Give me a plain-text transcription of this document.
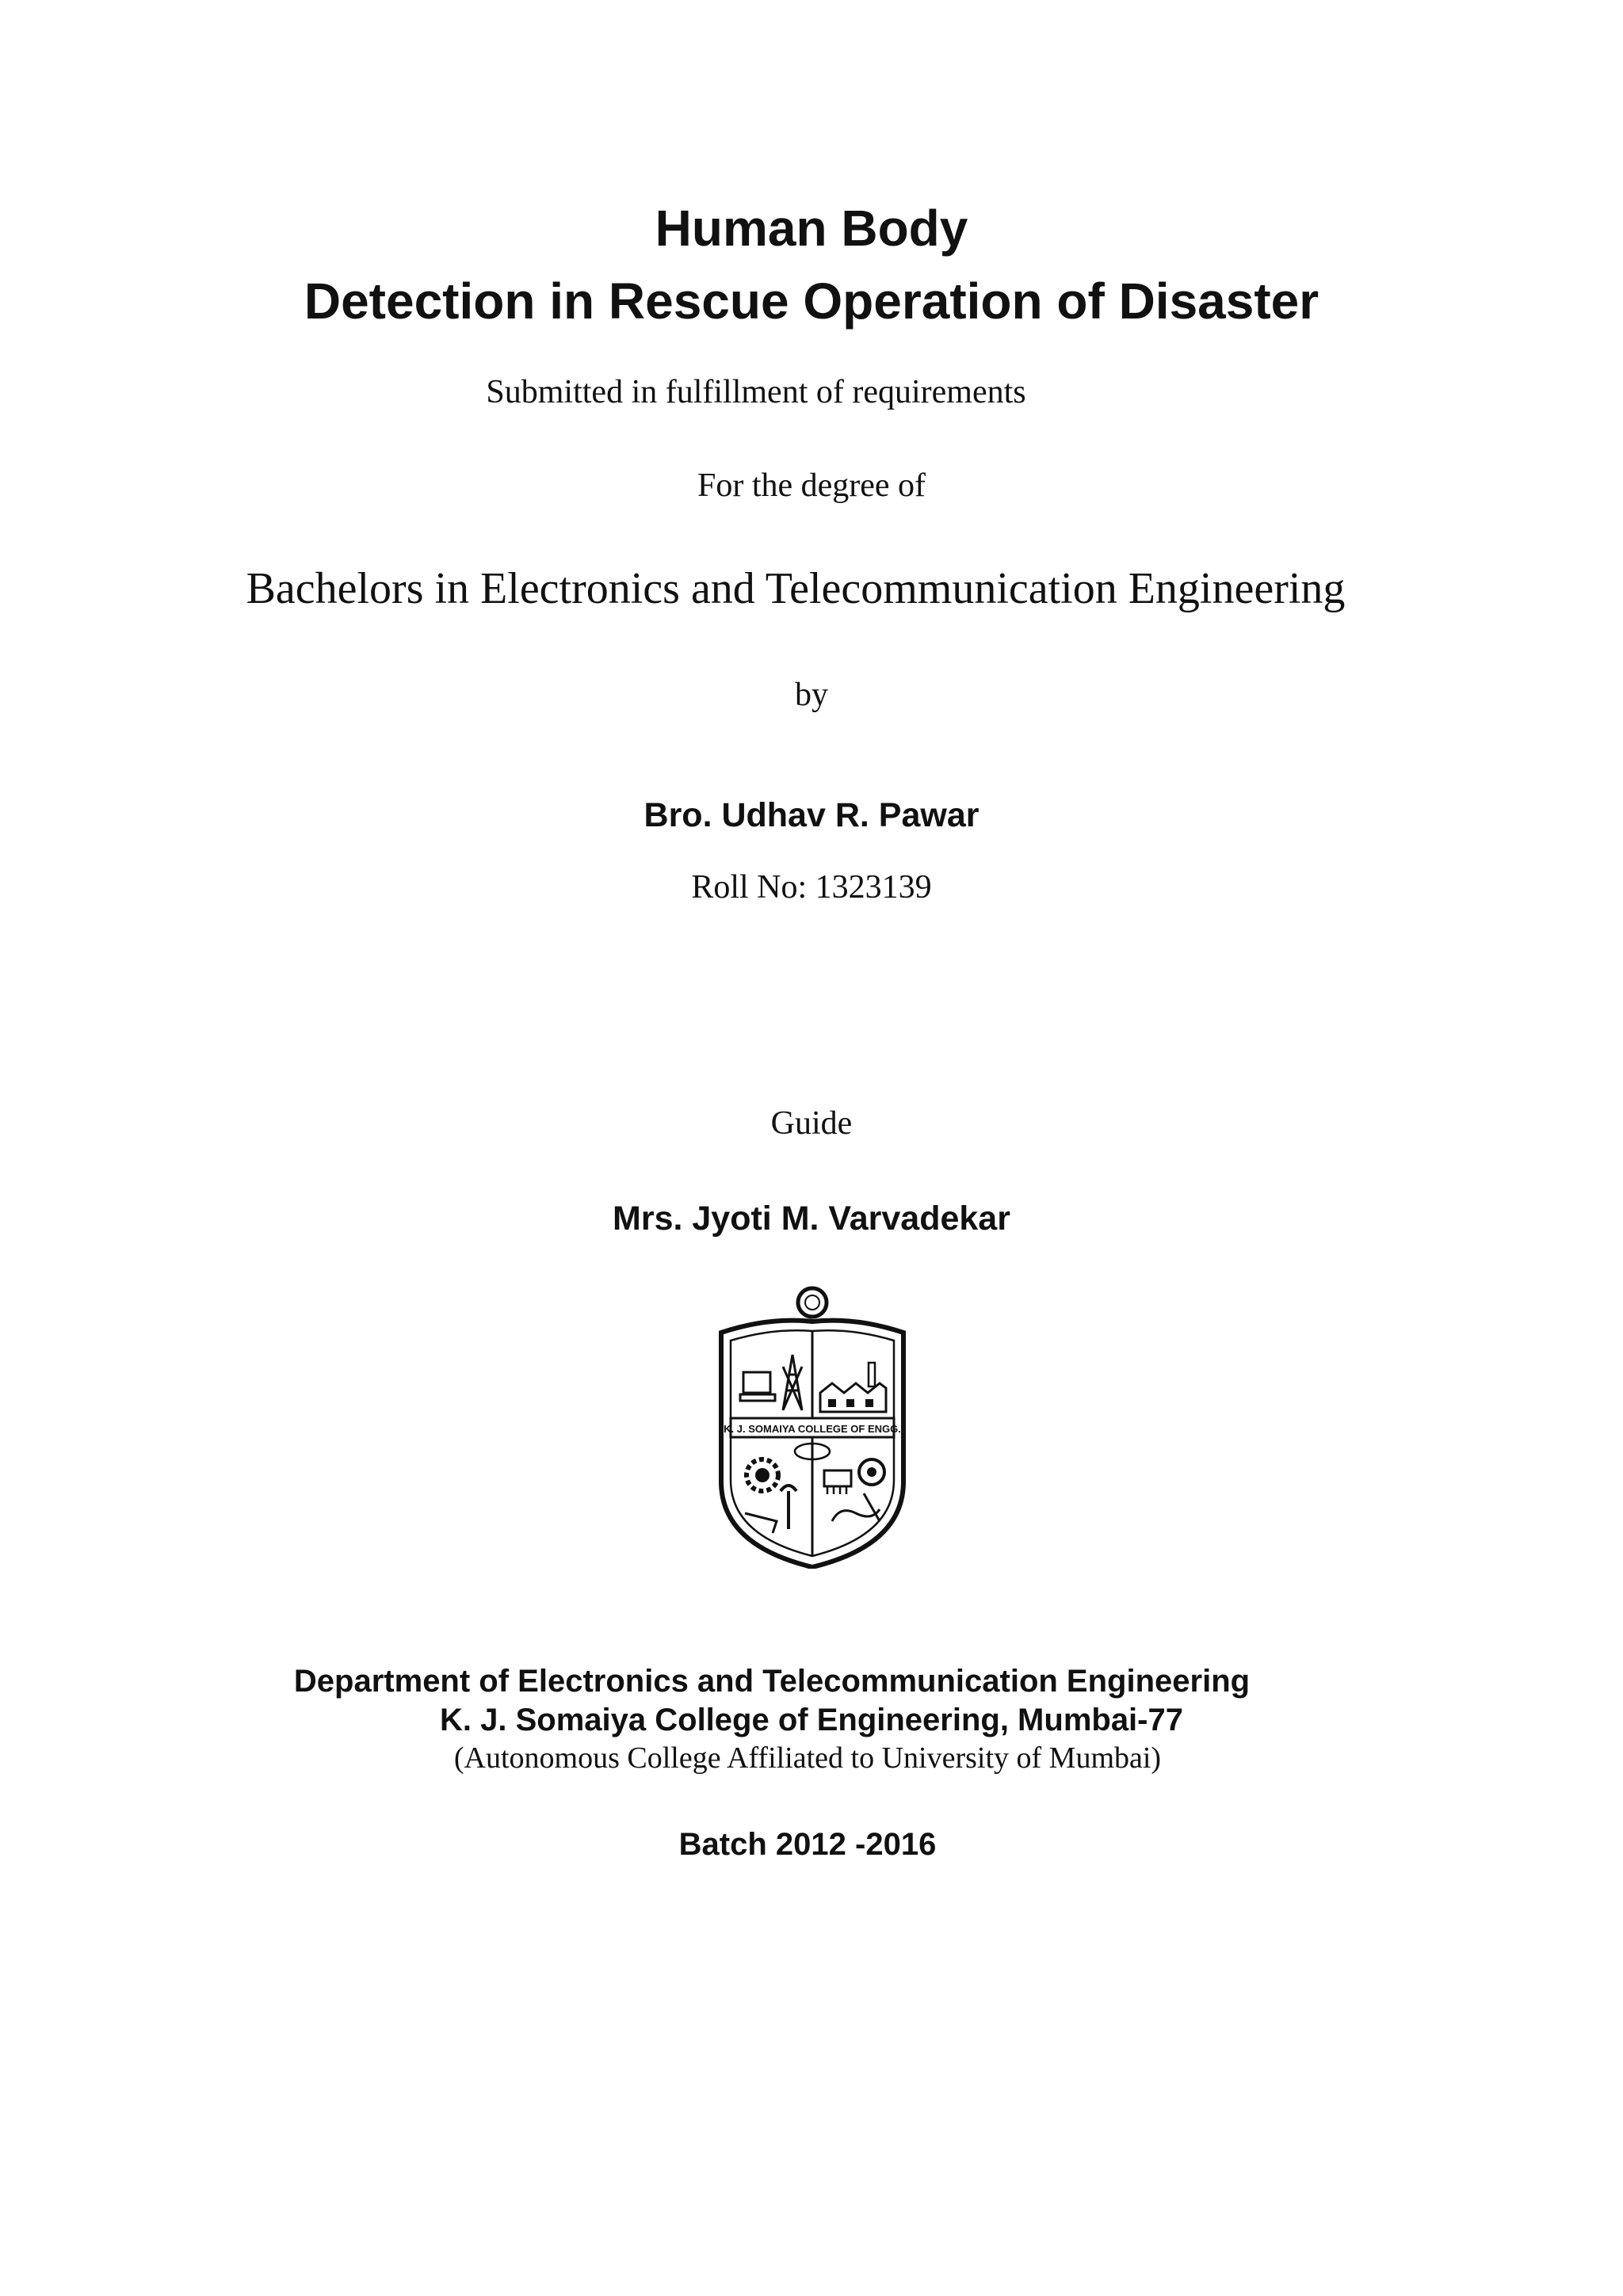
Human Body
Detection in Rescue Operation of Disaster
Submitted in fulfillment of requirements
For the degree of
Bachelors in Electronics and Telecommunication Engineering
by
Bro. Udhav R. Pawar
Roll No: 1323139
Guide
Mrs. Jyoti M. Varvadekar
K. J. SOMAIYA COLLEGE OF ENGG.
Department of Electronics and Telecommunication Engineering
K. J. Somaiya College of Engineering, Mumbai-77
(Autonomous College Affiliated to University of Mumbai)
Batch 2012 -2016
